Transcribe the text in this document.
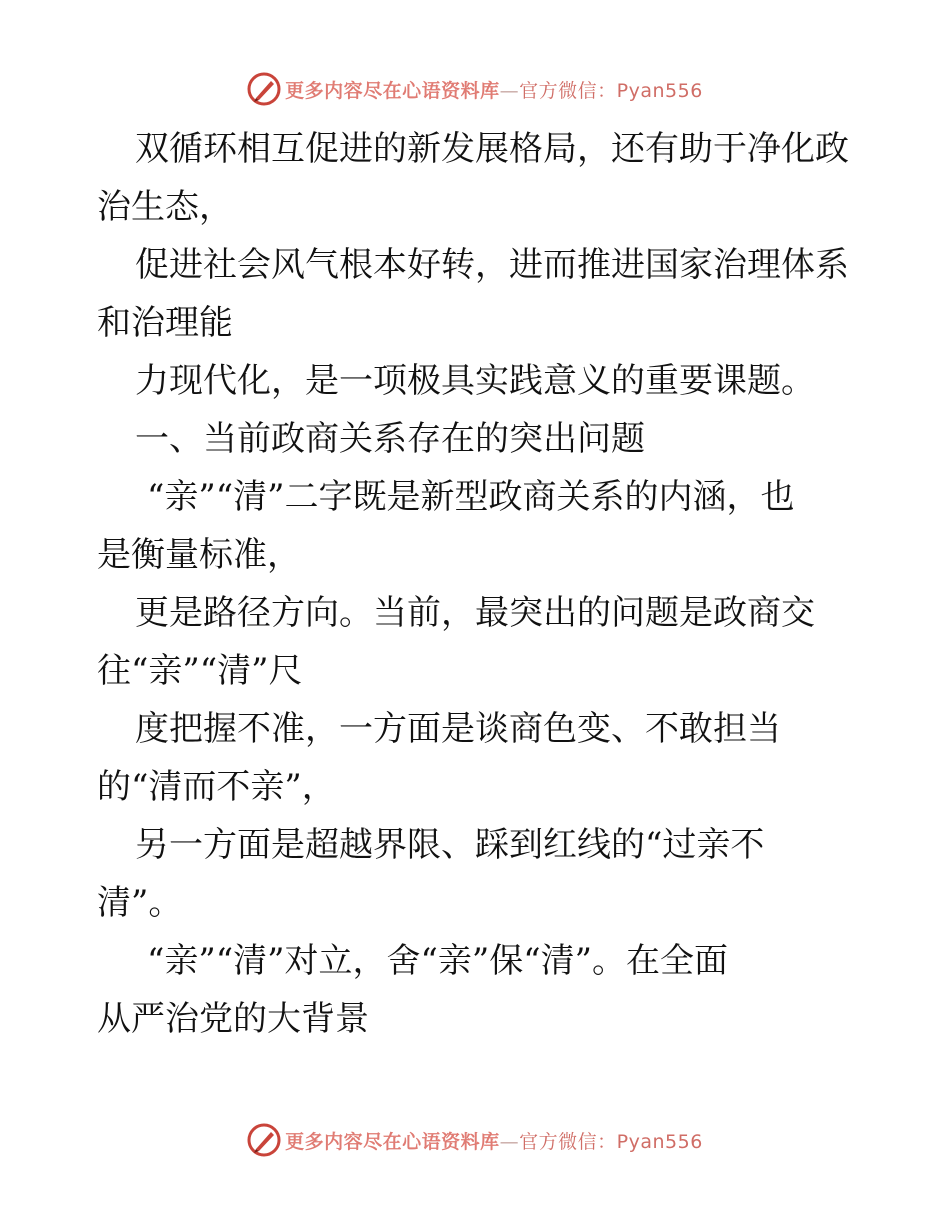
更多内容尽在心语资料库—官方微信：Pyan556
双循环相互促进的新发展格局，还有助于净化政
治生态，
促进社会风气根本好转，进而推进国家治理体系
和治理能
力现代化，是一项极具实践意义的重要课题。
一、当前政商关系存在的突出问题
“亲”“清”二字既是新型政商关系的内涵，也
是衡量标准，
更是路径方向。当前，最突出的问题是政商交
往“亲”“清”尺
度把握不准，一方面是谈商色变、不敢担当
的“清而不亲”，
另一方面是超越界限、踩到红线的“过亲不
清”。
“亲”“清”对立，舍“亲”保“清”。在全面
从严治党的大背景
更多内容尽在心语资料库—官方微信：Pyan556
